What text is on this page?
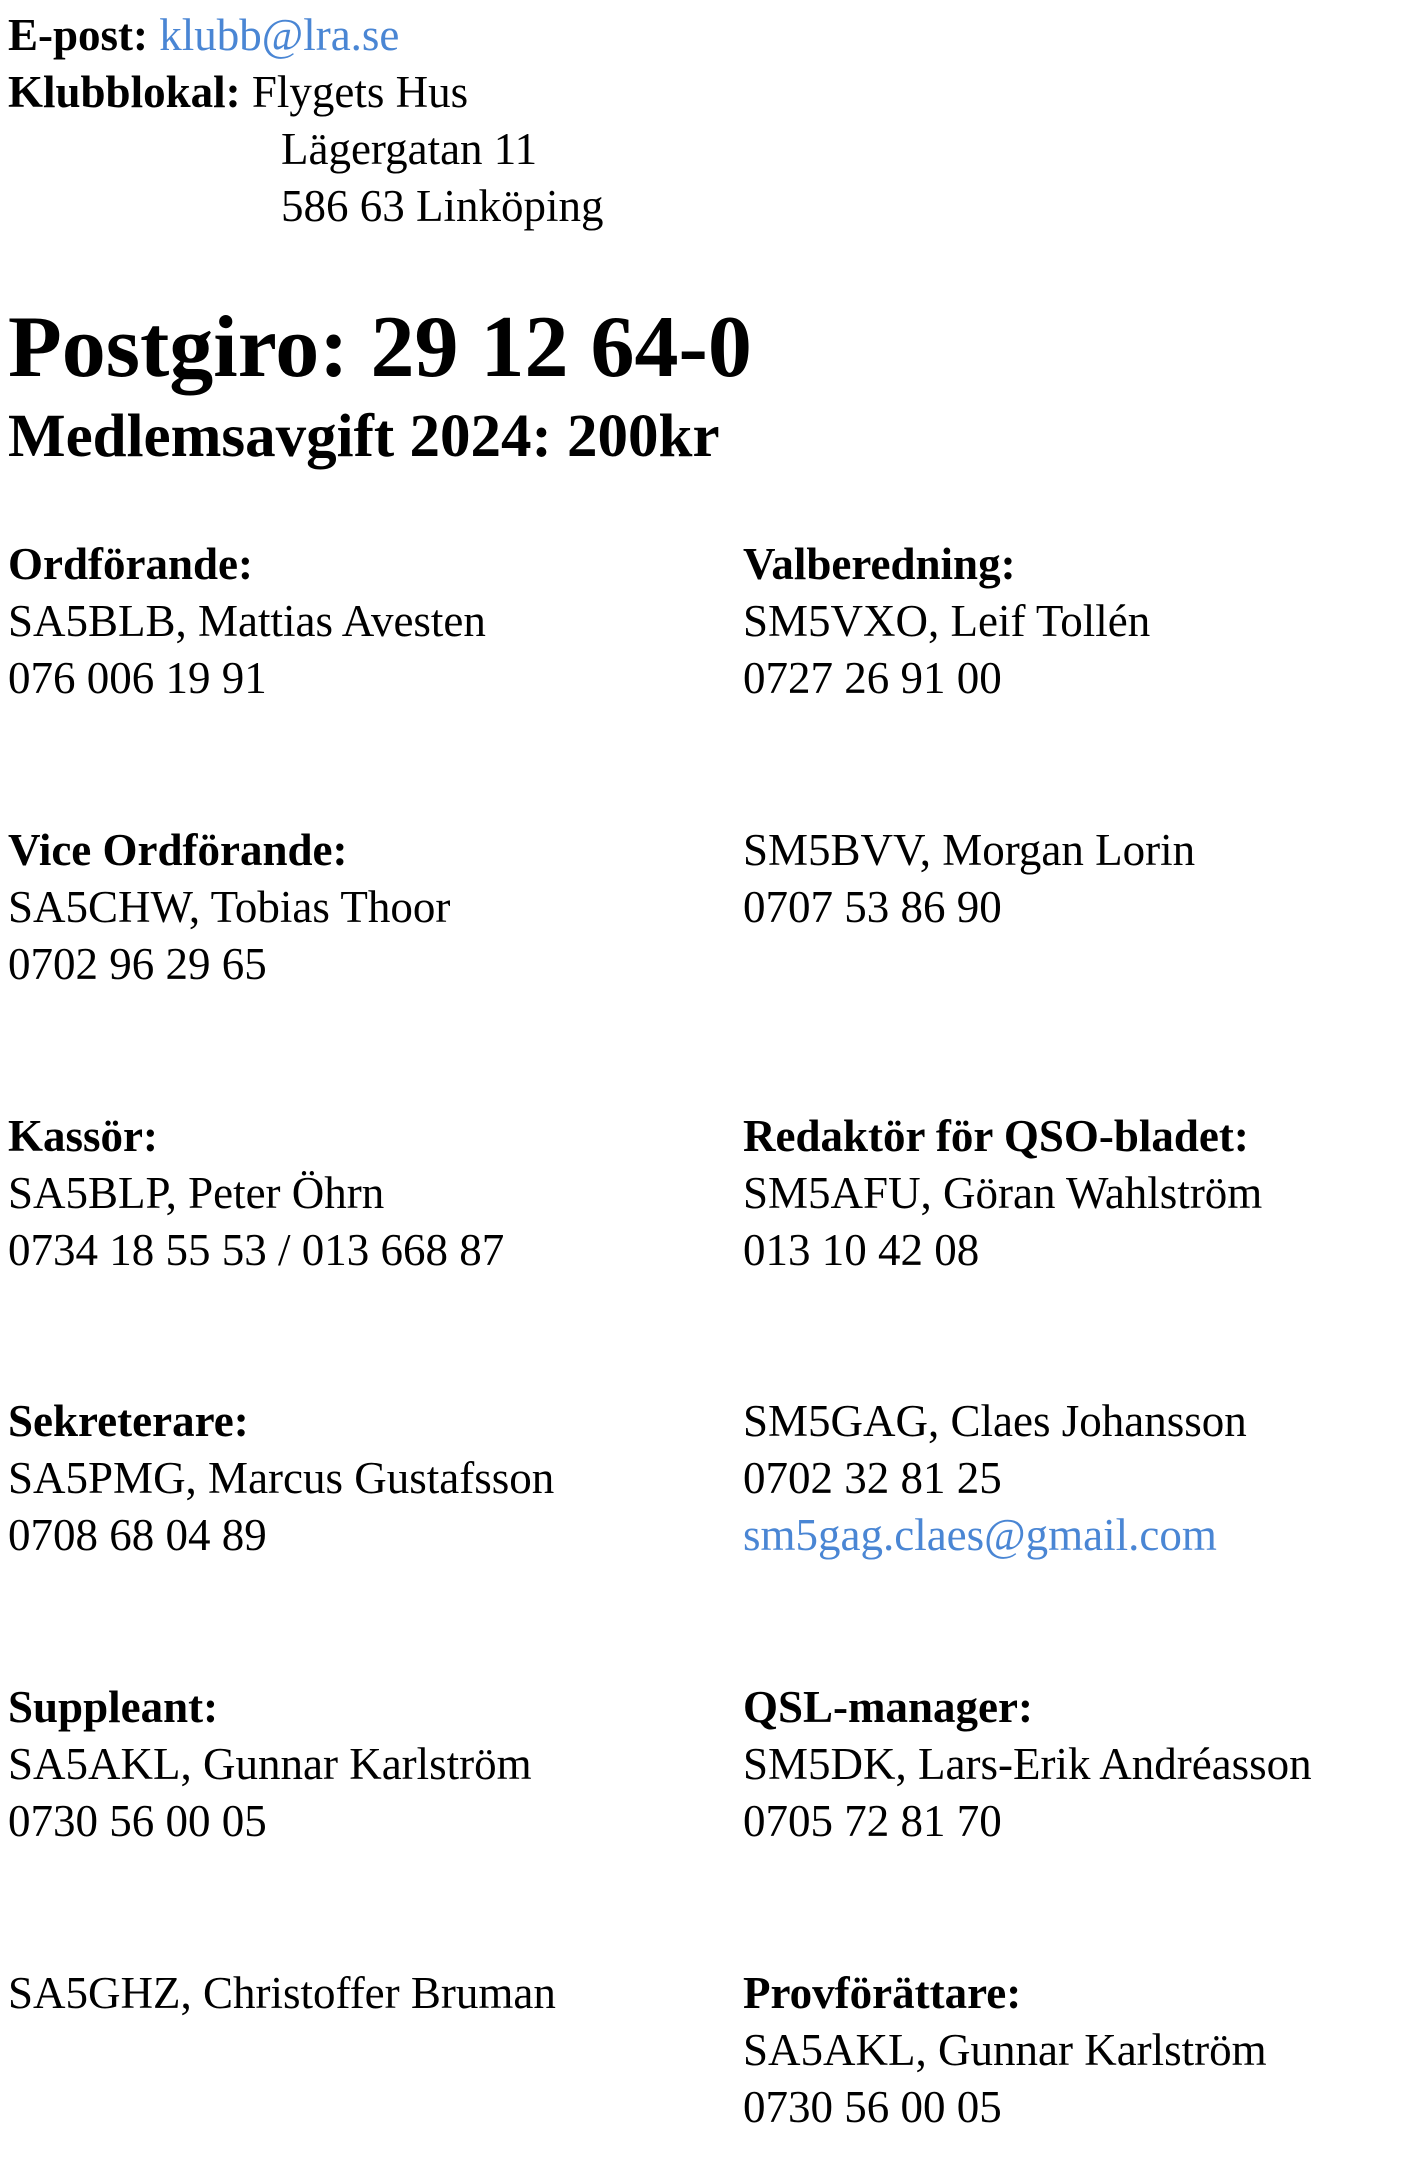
E-post: klubb@lra.se
Klubblokal: Flygets Hus
Lägergatan 11
586 63 Linköping
Postgiro: 29 12 64-0
Medlemsavgift 2024: 200kr
Ordförande:
SA5BLB, Mattias Avesten
076 006 19 91
Vice Ordförande:
SA5CHW, Tobias Thoor
0702 96 29 65
Kassör:
SA5BLP, Peter Öhrn
0734 18 55 53 / 013 668 87
Sekreterare:
SA5PMG, Marcus Gustafsson
0708 68 04 89
Suppleant:
SA5AKL, Gunnar Karlström
0730 56 00 05
SA5GHZ, Christoffer Bruman
Valberedning:
SM5VXO, Leif Tollén
0727 26 91 00
SM5BVV, Morgan Lorin
0707 53 86 90
Redaktör för QSO-bladet:
SM5AFU, Göran Wahlström
013 10 42 08
SM5GAG, Claes Johansson
0702 32 81 25
sm5gag.claes@gmail.com
QSL-manager:
SM5DK, Lars-Erik Andréasson
0705 72 81 70
Provförättare:
SA5AKL, Gunnar Karlström
0730 56 00 05
